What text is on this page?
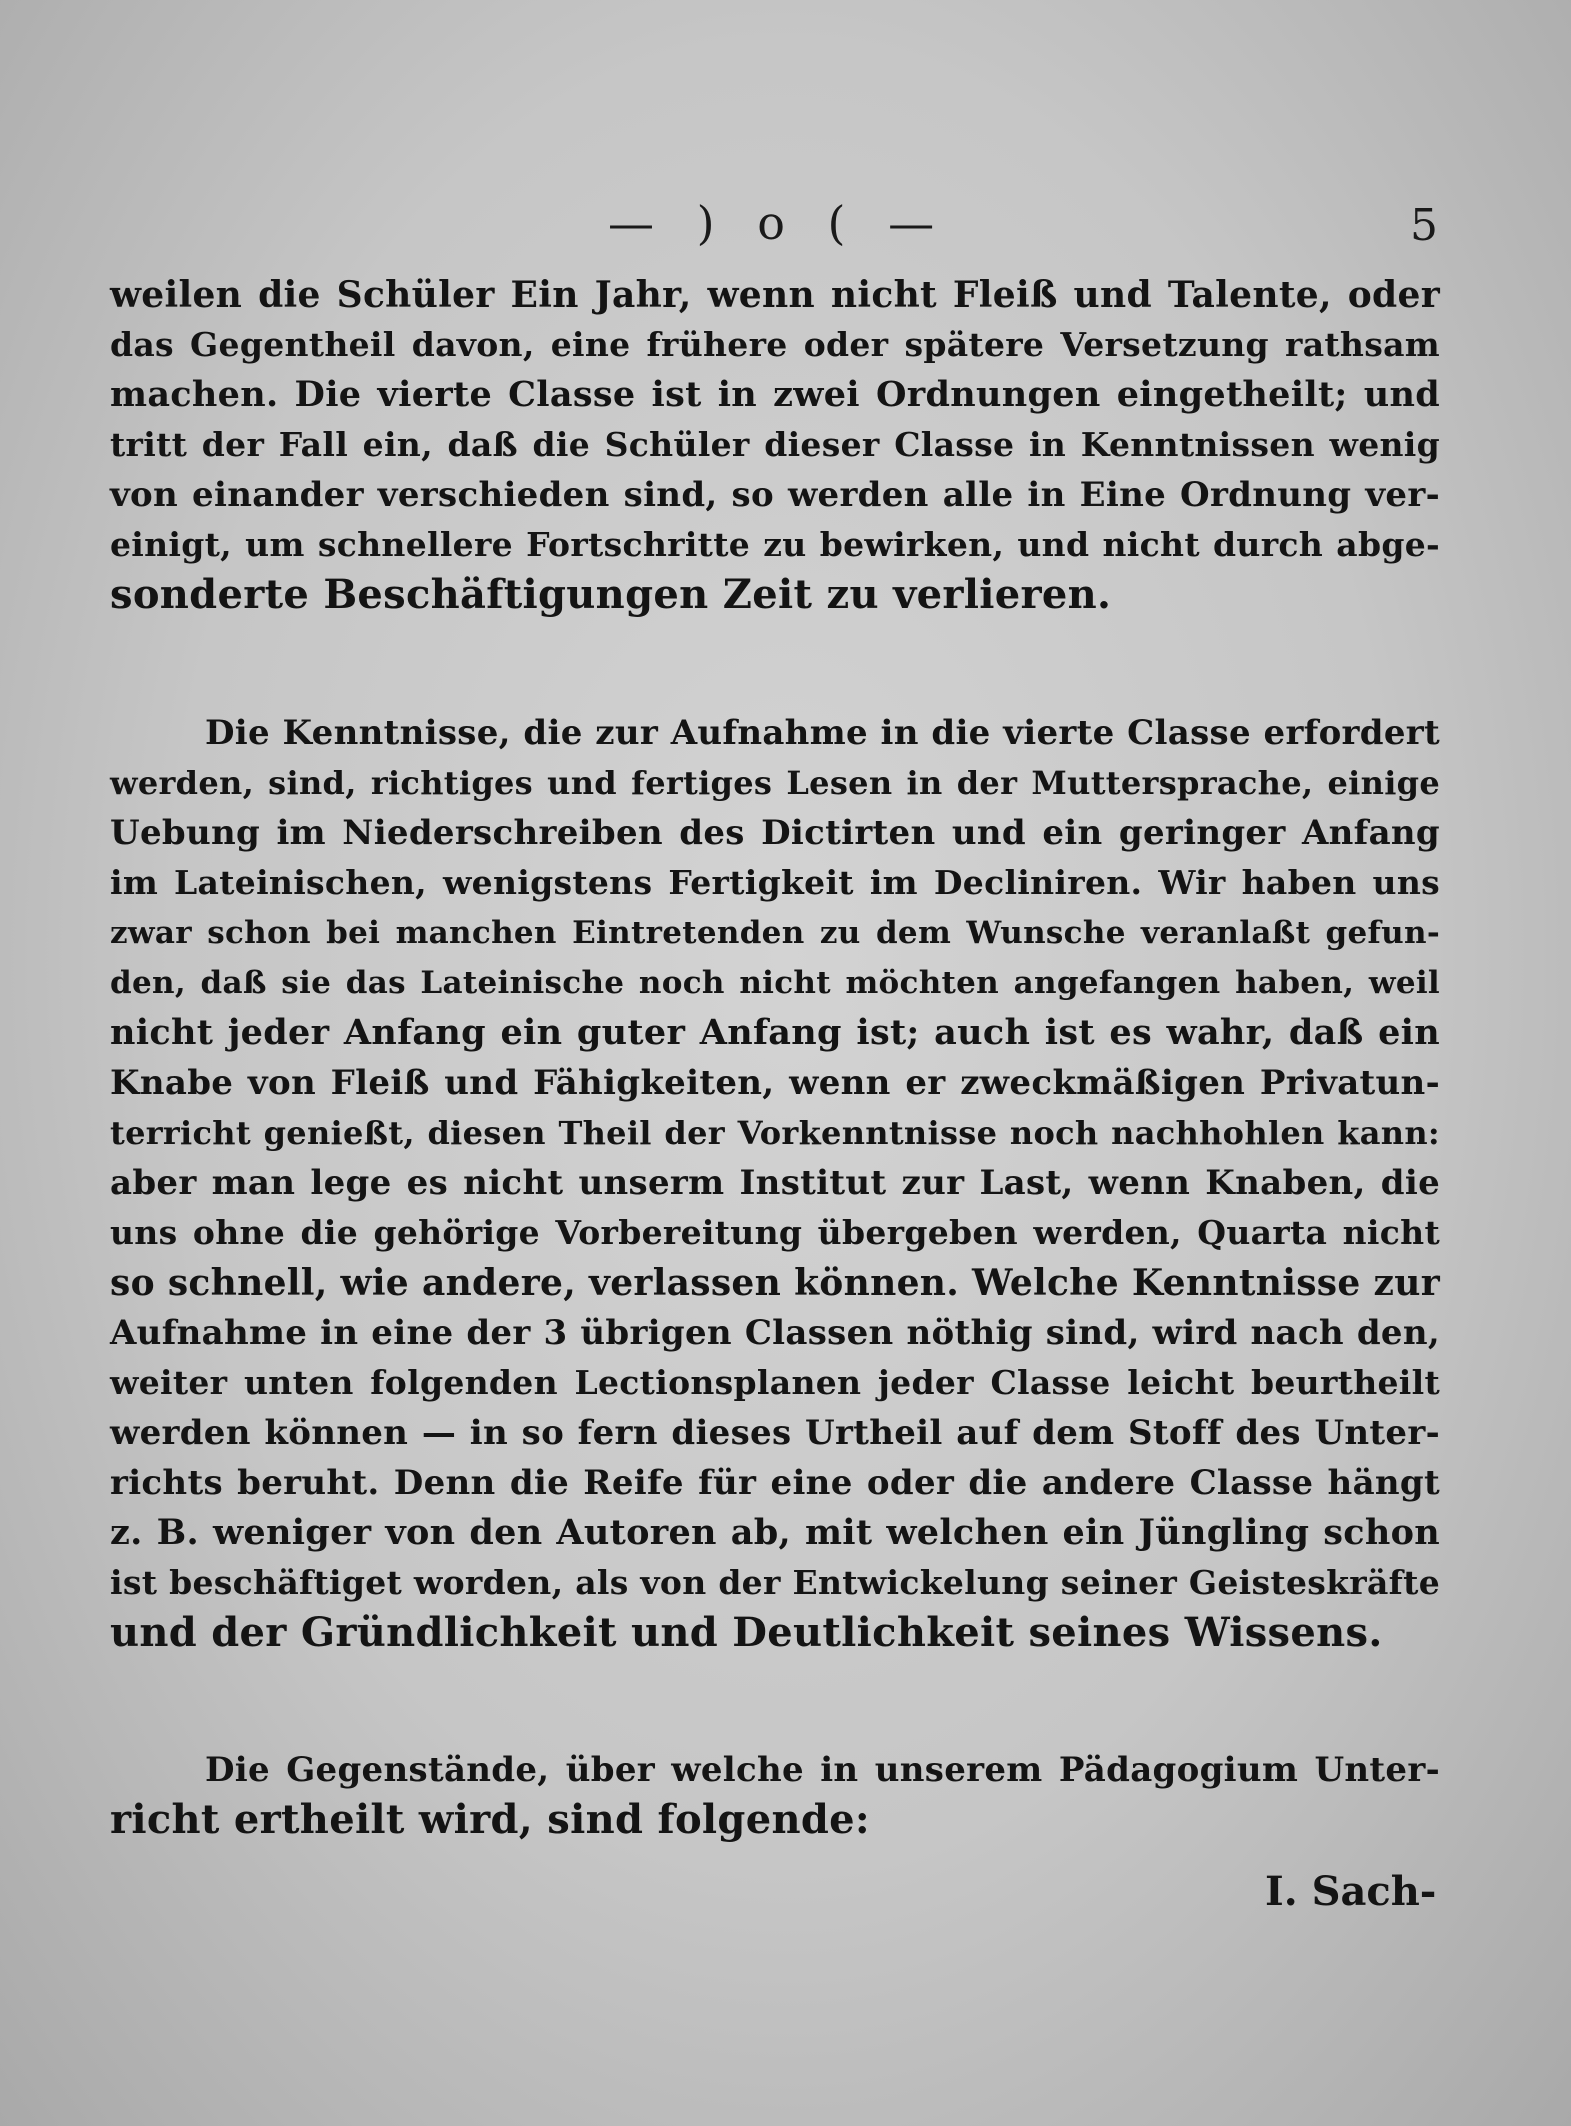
— ) o ( —	5
weilen die Schüler Ein Jahr, wenn nicht Fleiß und Talente, oder
das Gegentheil davon, eine frühere oder spätere Versetzung rathsam
machen. Die vierte Classe ist in zwei Ordnungen eingetheilt; und
tritt der Fall ein, daß die Schüler dieser Classe in Kenntnissen wenig
von einander verschieden sind, so werden alle in Eine Ordnung ver-
einigt, um schnellere Fortschritte zu bewirken, und nicht durch abge-
sonderte Beschäftigungen Zeit zu verlieren.
Die Kenntnisse, die zur Aufnahme in die vierte Classe erfordert
werden, sind, richtiges und fertiges Lesen in der Muttersprache, einige
Uebung im Niederschreiben des Dictirten und ein geringer Anfang
im Lateinischen, wenigstens Fertigkeit im Decliniren. Wir haben uns
zwar schon bei manchen Eintretenden zu dem Wunsche veranlaßt gefun-
den, daß sie das Lateinische noch nicht möchten angefangen haben, weil
nicht jeder Anfang ein guter Anfang ist; auch ist es wahr, daß ein
Knabe von Fleiß und Fähigkeiten, wenn er zweckmäßigen Privatun-
terricht genießt, diesen Theil der Vorkenntnisse noch nachhohlen kann:
aber man lege es nicht unserm Institut zur Last, wenn Knaben, die
uns ohne die gehörige Vorbereitung übergeben werden, Quarta nicht
so schnell, wie andere, verlassen können. Welche Kenntnisse zur
Aufnahme in eine der 3 übrigen Classen nöthig sind, wird nach den,
weiter unten folgenden Lectionsplanen jeder Classe leicht beurtheilt
werden können — in so fern dieses Urtheil auf dem Stoff des Unter-
richts beruht. Denn die Reife für eine oder die andere Classe hängt
z. B. weniger von den Autoren ab, mit welchen ein Jüngling schon
ist beschäftiget worden, als von der Entwickelung seiner Geisteskräfte
und der Gründlichkeit und Deutlichkeit seines Wissens.
Die Gegenstände, über welche in unserem Pädagogium Unter-
richt ertheilt wird, sind folgende:
I. Sach-
